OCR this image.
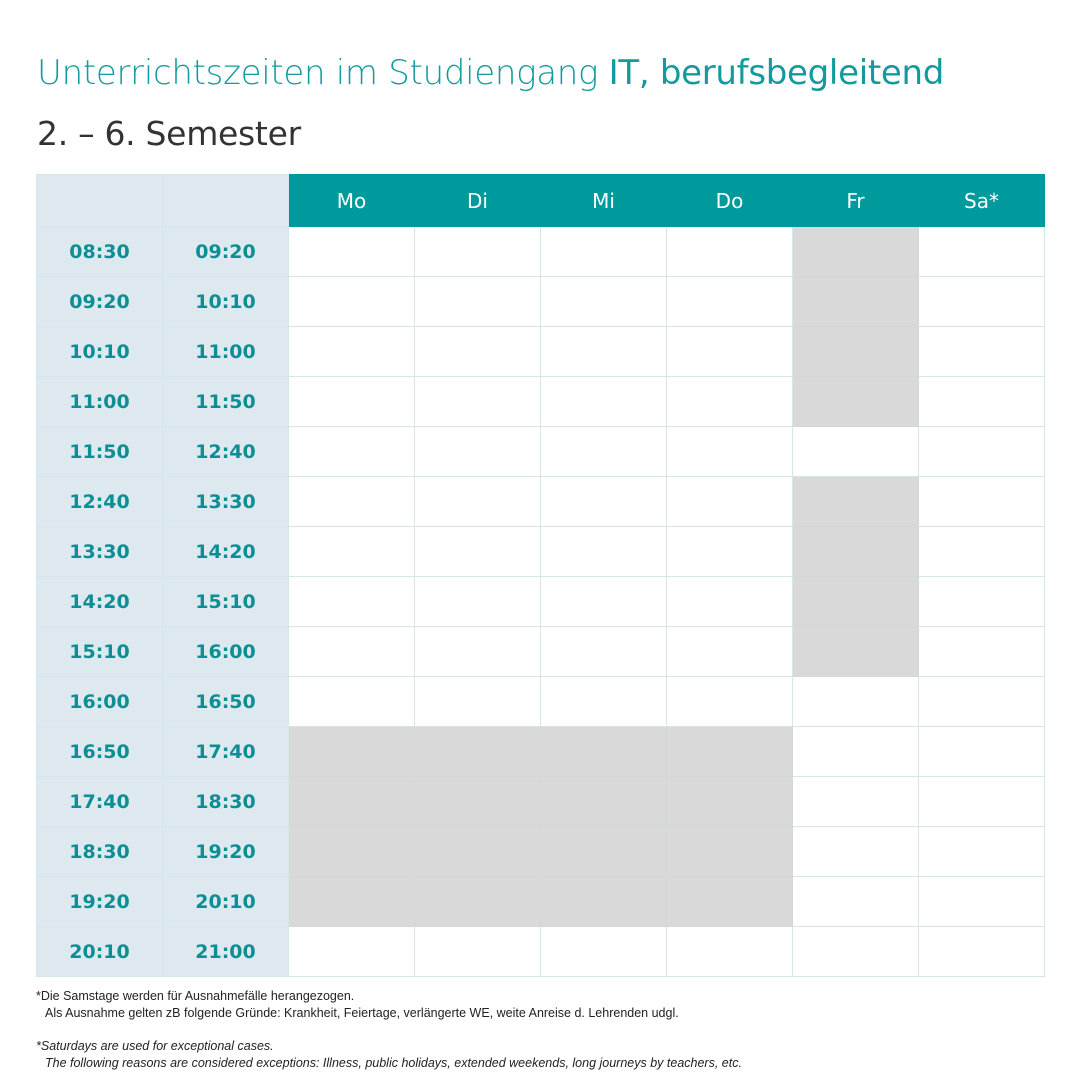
Unterrichtszeiten im Studiengang IT, berufsbegleitend
2. – 6. Semester
		Mo	Di	Mi	Do	Fr	Sa*
08:30	09:20						
09:20	10:10						
10:10	11:00						
11:00	11:50						
11:50	12:40						
12:40	13:30						
13:30	14:20						
14:20	15:10						
15:10	16:00						
16:00	16:50						
16:50	17:40						
17:40	18:30						
18:30	19:20						
19:20	20:10						
20:10	21:00						

*Die Samstage werden für Ausnahmefälle herangezogen.

Als Ausnahme gelten zB folgende Gründe: Krankheit, Feiertage, verlängerte WE, weite Anreise d. Lehrenden udgl.

*Saturdays are used for exceptional cases.

The following reasons are considered exceptions: Illness, public holidays, extended weekends, long journeys by teachers, etc.
